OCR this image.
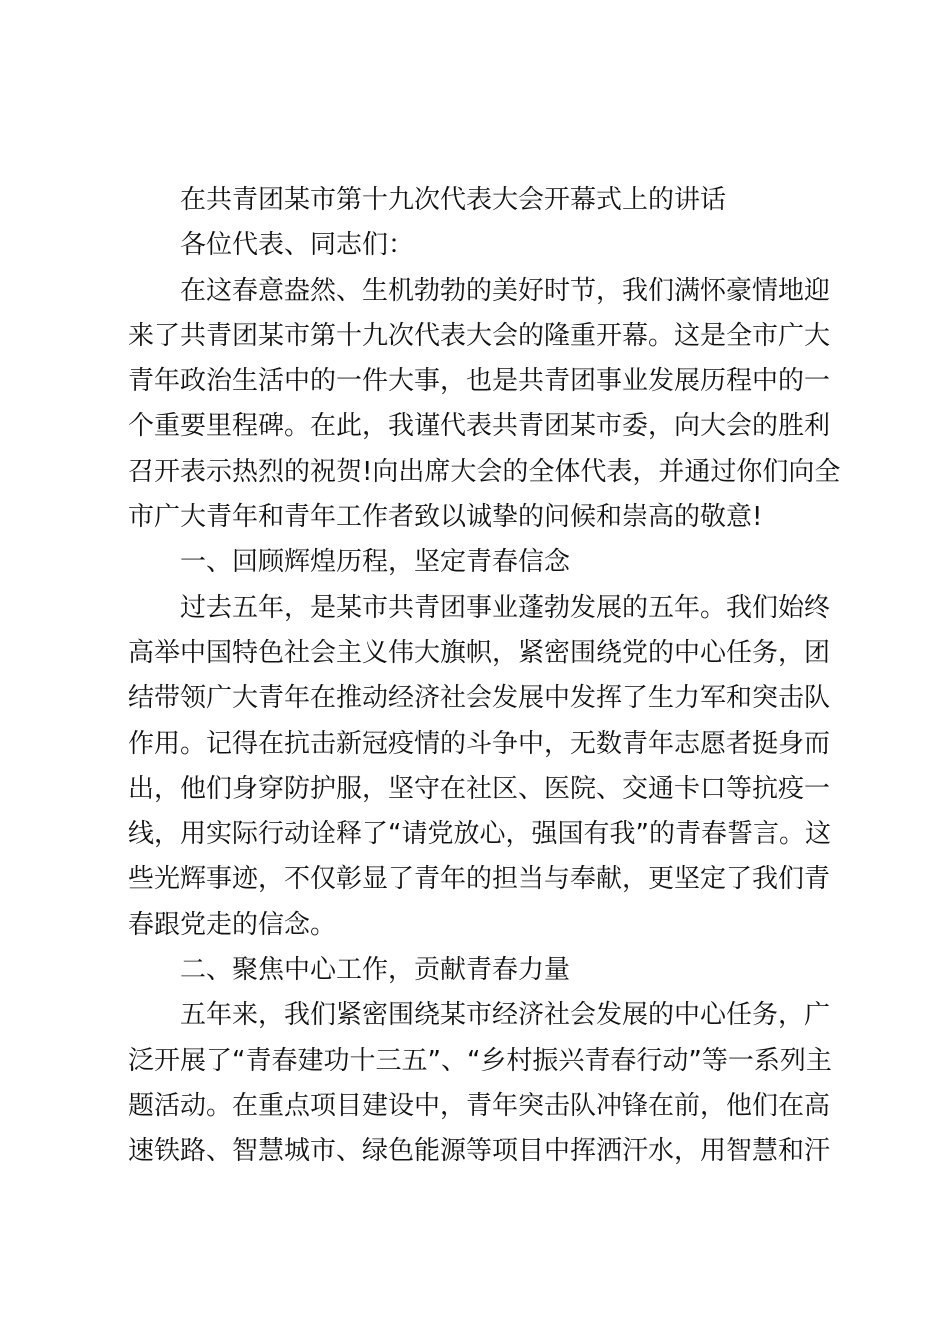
在共青团某市第十九次代表大会开幕式上的讲话
各位代表、同志们：
在这春意盎然、生机勃勃的美好时节，我们满怀豪情地迎
来了共青团某市第十九次代表大会的隆重开幕。这是全市广大
青年政治生活中的一件大事，也是共青团事业发展历程中的一
个重要里程碑。在此，我谨代表共青团某市委，向大会的胜利
召开表示热烈的祝贺!向出席大会的全体代表，并通过你们向全
市广大青年和青年工作者致以诚挚的问候和崇高的敬意!
一、回顾辉煌历程，坚定青春信念
过去五年，是某市共青团事业蓬勃发展的五年。我们始终
高举中国特色社会主义伟大旗帜，紧密围绕党的中心任务，团
结带领广大青年在推动经济社会发展中发挥了生力军和突击队
作用。记得在抗击新冠疫情的斗争中，无数青年志愿者挺身而
出，他们身穿防护服，坚守在社区、医院、交通卡口等抗疫一
线，用实际行动诠释了“请党放心，强国有我”的青春誓言。这
些光辉事迹，不仅彰显了青年的担当与奉献，更坚定了我们青
春跟党走的信念。
二、聚焦中心工作，贡献青春力量
五年来，我们紧密围绕某市经济社会发展的中心任务，广
泛开展了“青春建功十三五”、“乡村振兴青春行动”等一系列主
题活动。在重点项目建设中，青年突击队冲锋在前，他们在高
速铁路、智慧城市、绿色能源等项目中挥洒汗水，用智慧和汗
